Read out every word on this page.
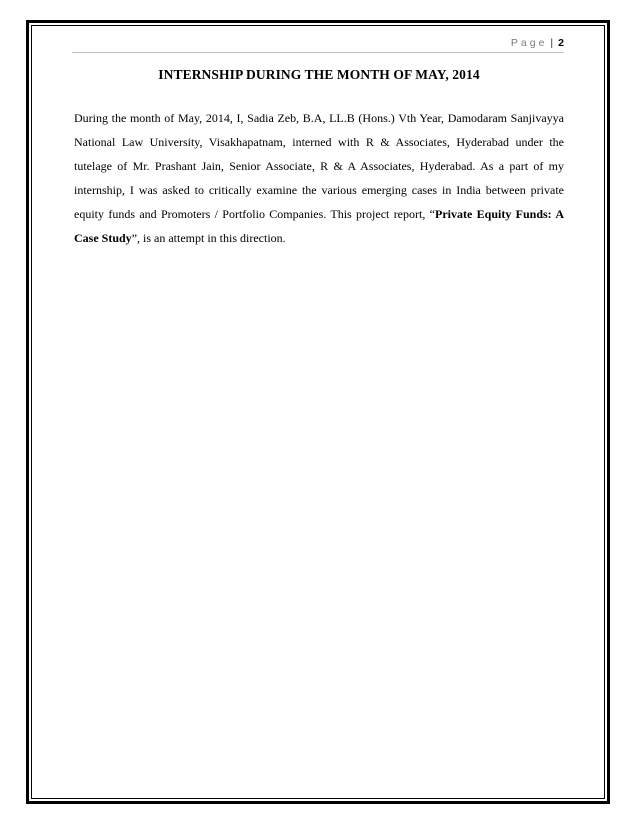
Page | 2
INTERNSHIP DURING THE MONTH OF MAY, 2014

During the month of May, 2014, I, Sadia Zeb, B.A, LL.B (Hons.) Vth Year, Damodaram Sanjivayya National Law University, Visakhapatnam, interned with R & Associates, Hyderabad under the tutelage of Mr. Prashant Jain, Senior Associate, R & A Associates, Hyderabad. As a part of my internship, I was asked to critically examine the various emerging cases in India between private equity funds and Promoters / Portfolio Companies. This project report, “Private Equity Funds: A Case Study”, is an attempt in this direction.
